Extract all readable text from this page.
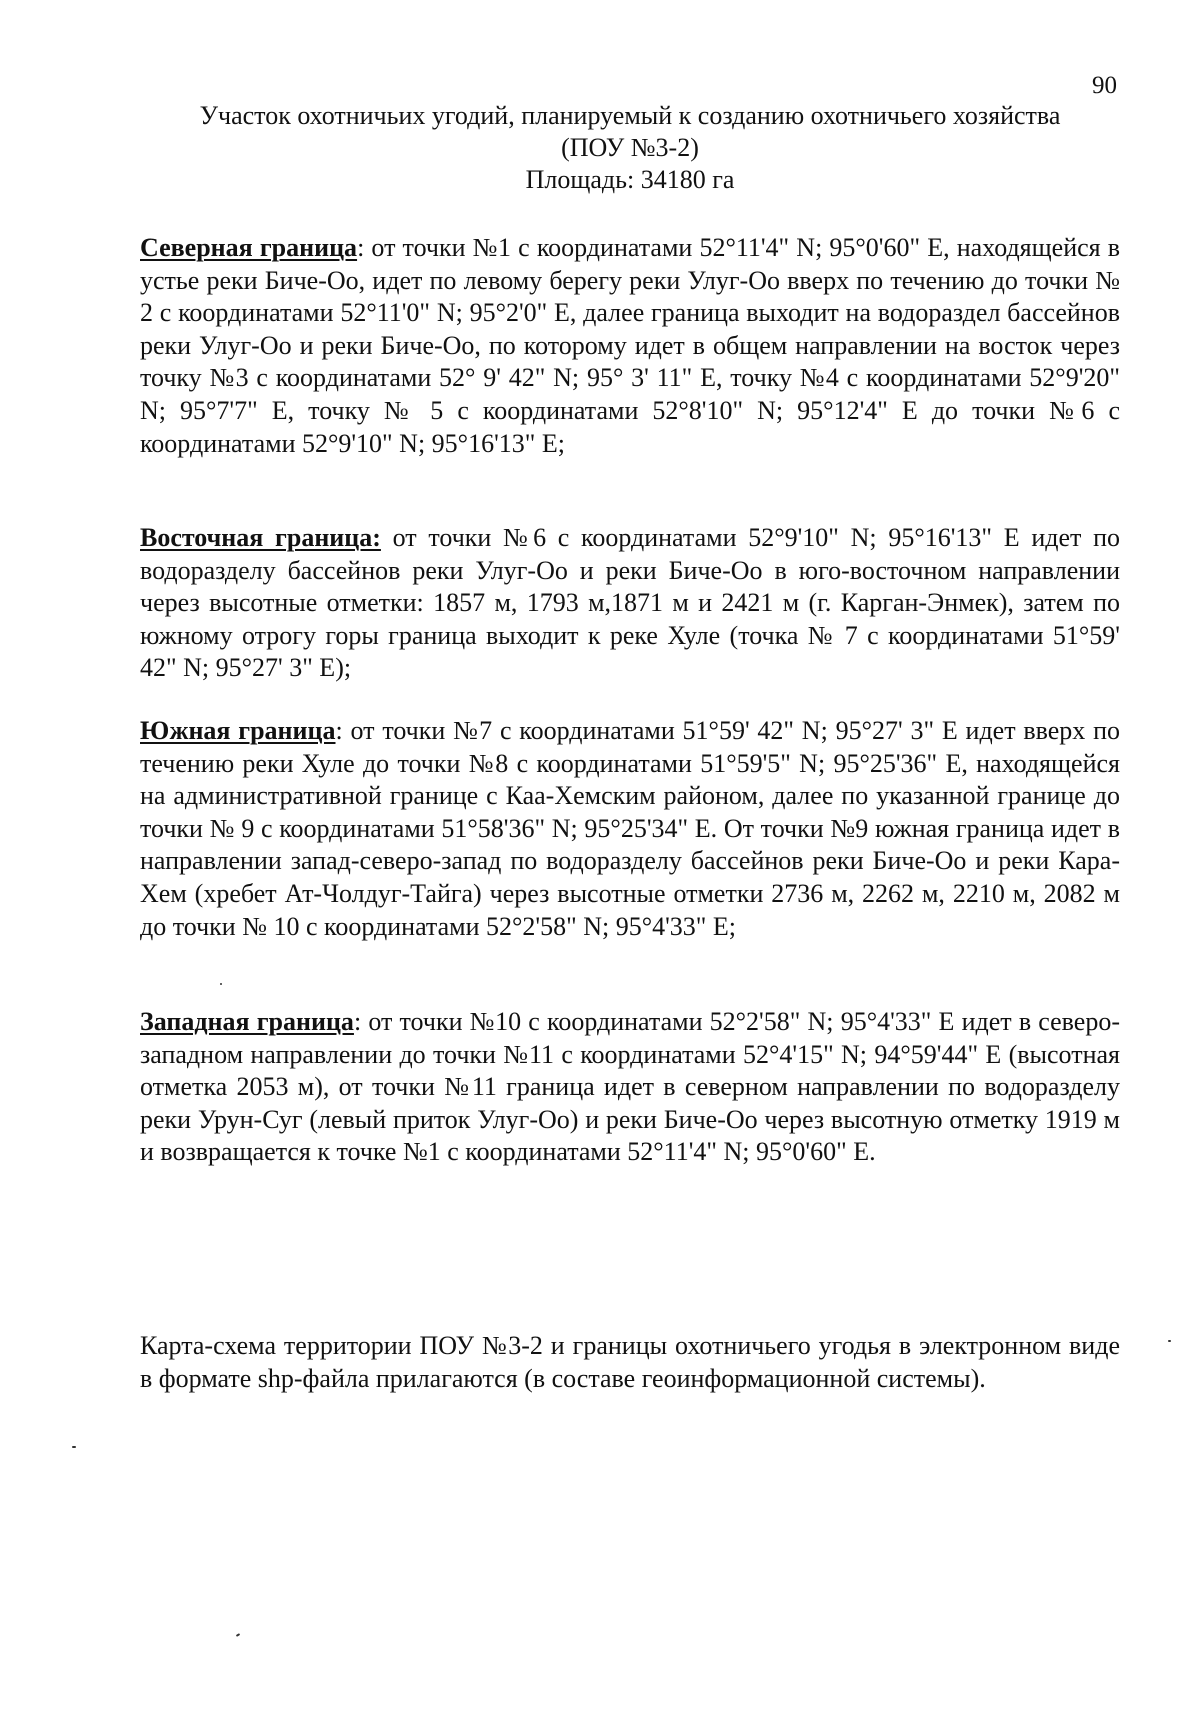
90
Участок охотничьих угодий, планируемый к созданию охотничьего хозяйства
(ПОУ №3-2)
Площадь: 34180 га

Северная граница: от точки №1 с координатами 52°11'4" N; 95°0'60" E, находящейся в устье реки Биче-Оо, идет по левому берегу реки Улуг-Оо вверх по течению до точки № 2 с координатами 52°11'0" N; 95°2'0" E, далее граница выходит на водораздел бассейнов реки Улуг-Оо и реки Биче-Оо, по которому идет в общем направлении на восток через точку №3 с координатами 52° 9' 42" N; 95° 3' 11" E, точку №4 с координатами 52°9'20" N; 95°7'7" E, точку № 5 с координатами 52°8'10" N; 95°12'4" E до точки №6 с координатами 52°9'10" N; 95°16'13" E;

Восточная граница: от точки №6 с координатами 52°9'10" N; 95°16'13" E идет по водоразделу бассейнов реки Улуг-Оо и реки Биче-Оо в юго-восточном направлении через высотные отметки: 1857 м, 1793 м,1871 м и 2421 м (г. Карган-Энмек), затем по южному отрогу горы граница выходит к реке Хуле (точка № 7 с координатами 51°59' 42" N; 95°27' 3" E);

Южная граница: от точки №7 с координатами 51°59' 42" N; 95°27' 3" E идет вверх по течению реки Хуле до точки №8 с координатами 51°59'5" N; 95°25'36" E, находящейся на административной границе с Каа-Хемским районом, далее по указанной границе до точки № 9 с координатами 51°58'36" N; 95°25'34" E. От точки №9 южная граница идет в направлении запад-северо-запад по водоразделу бассейнов реки Биче-Оо и реки Кара-Хем (хребет Ат-Чолдуг-Тайга) через высотные отметки 2736 м, 2262 м, 2210 м, 2082 м до точки № 10 с координатами 52°2'58" N; 95°4'33" E;

Западная граница: от точки №10 с координатами 52°2'58" N; 95°4'33" E идет в северо-западном направлении до точки №11 с координатами 52°4'15" N; 94°59'44" E (высотная отметка 2053 м), от точки №11 граница идет в северном направлении по водоразделу реки Урун-Суг (левый приток Улуг-Оо) и реки Биче-Оо через высотную отметку 1919 м и возвращается к точке №1 с координатами 52°11'4" N; 95°0'60" E.

Карта-схема территории ПОУ №3-2 и границы охотничьего угодья в электронном виде в формате shp-файла прилагаются (в составе геоинформационной системы).
